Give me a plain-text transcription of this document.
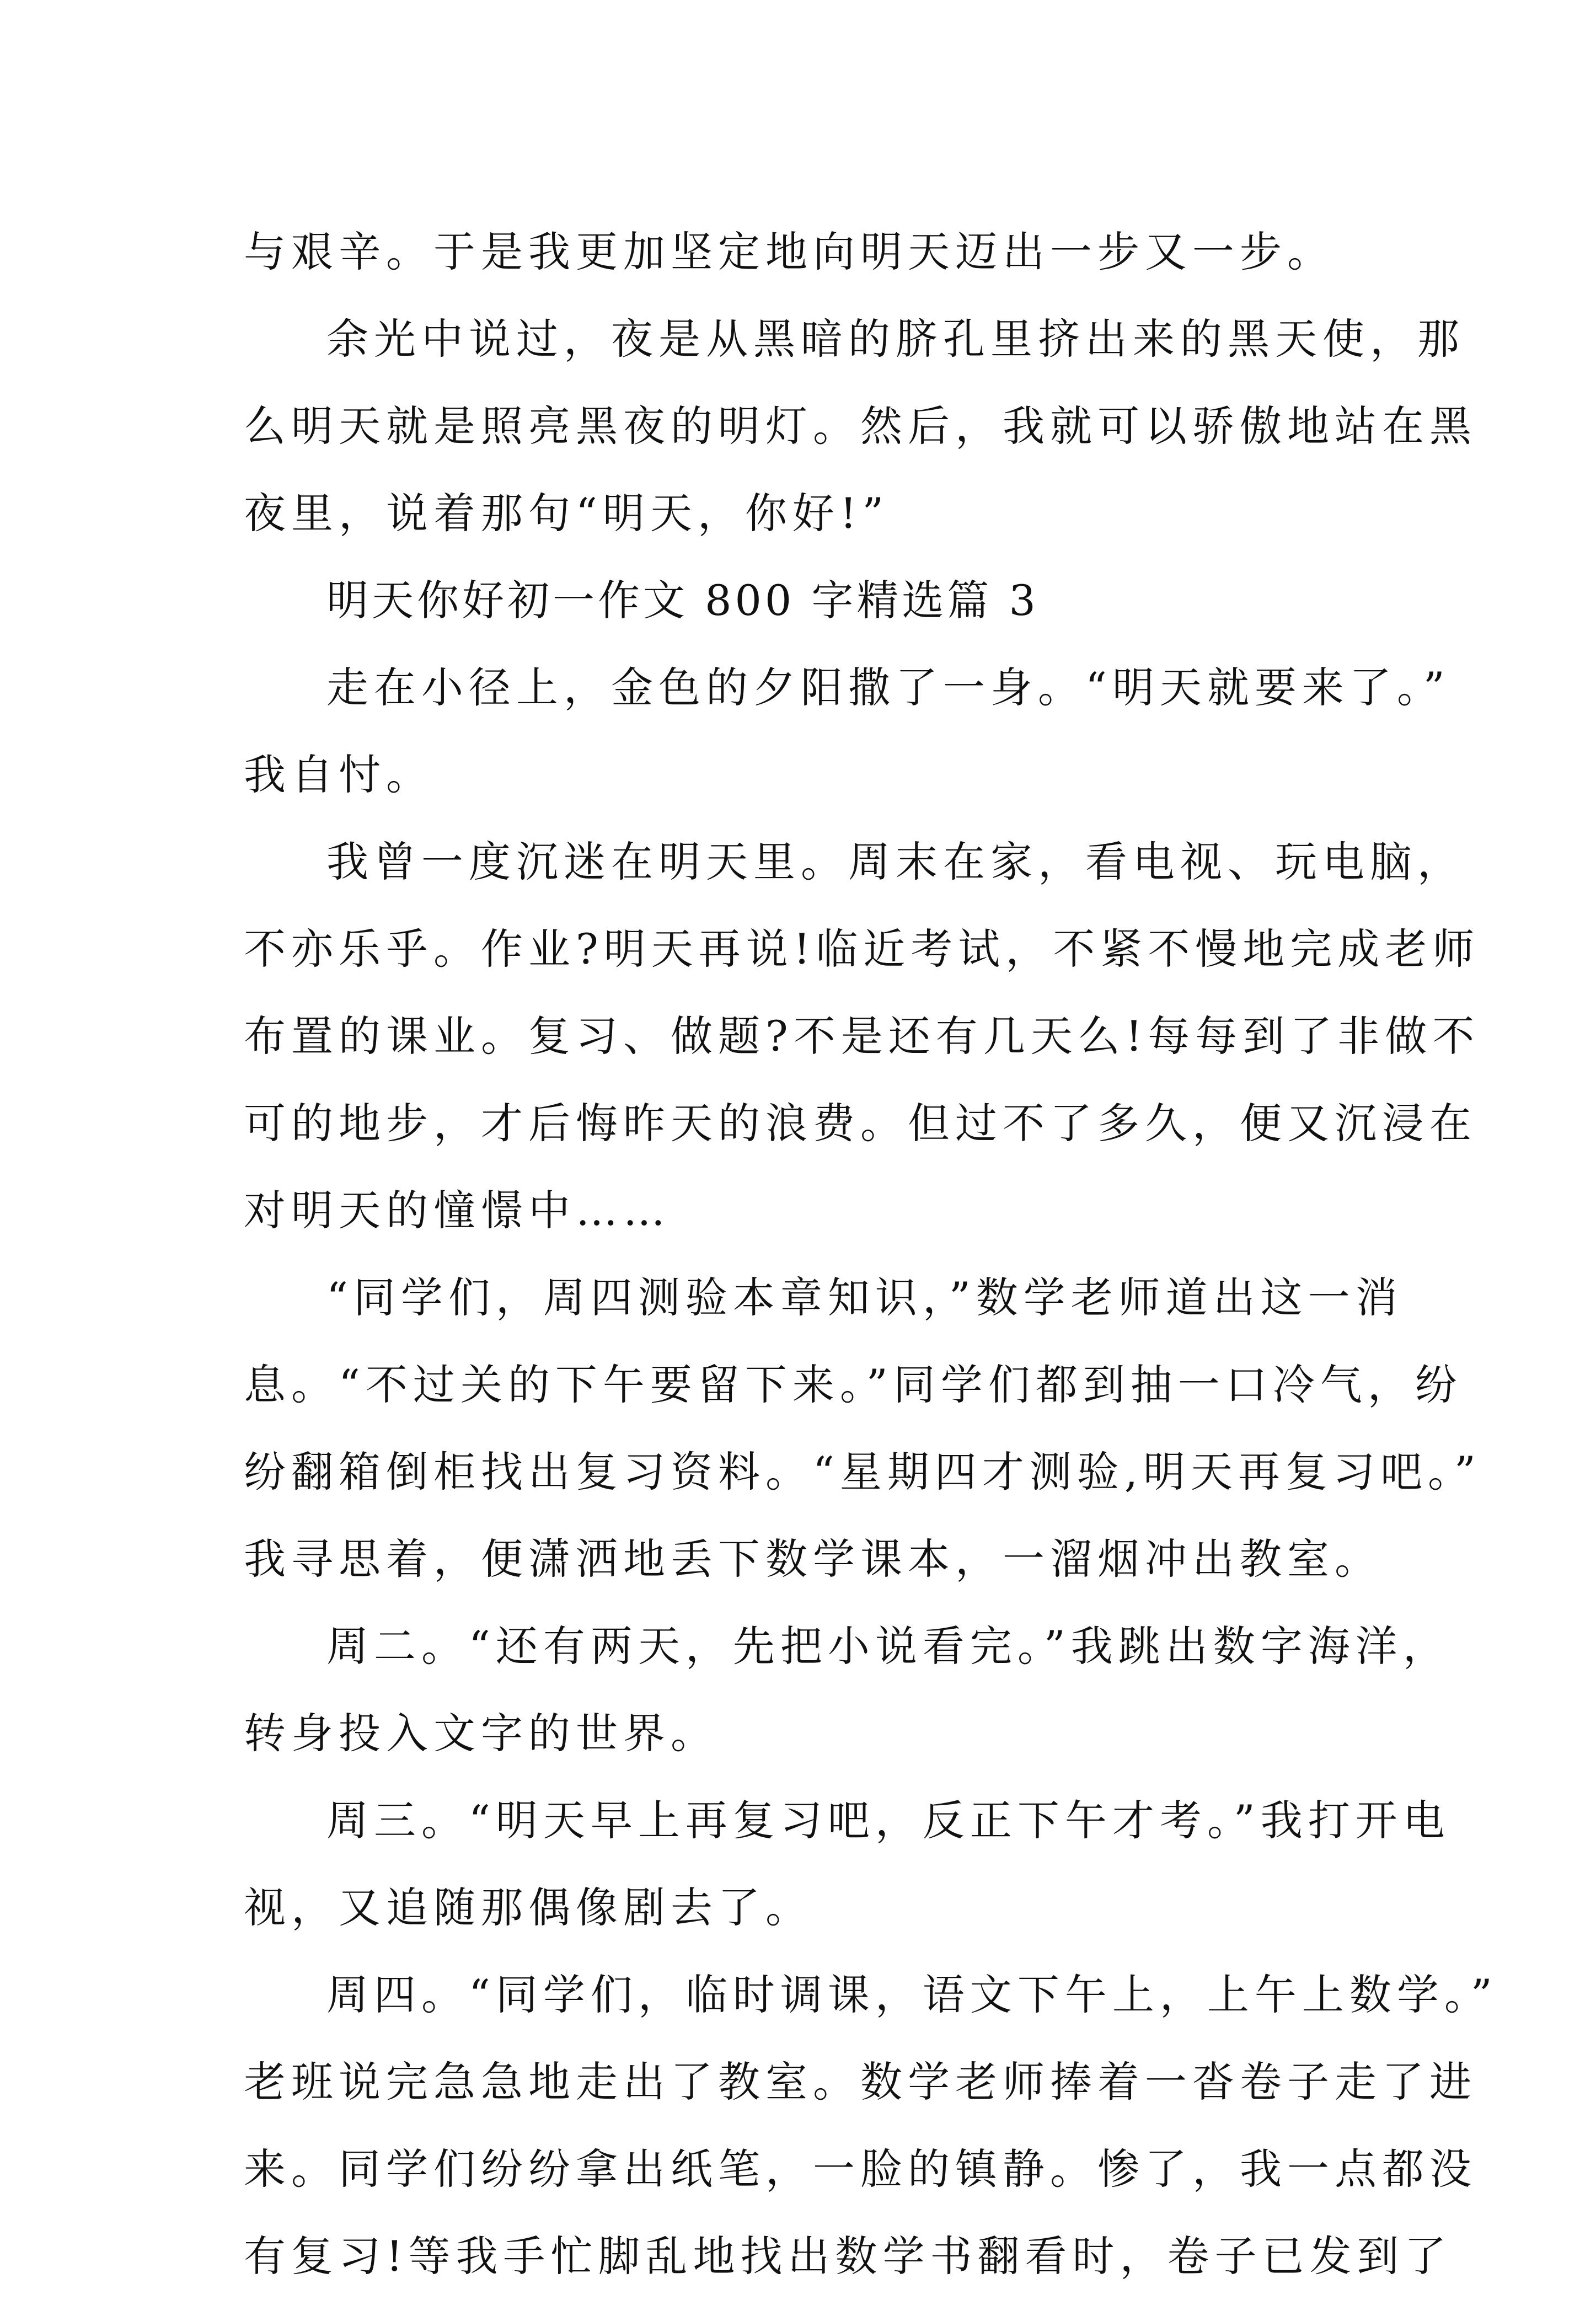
与艰辛。于是我更加坚定地向明天迈出一步又一步。
余光中说过，夜是从黑暗的脐孔里挤出来的黑天使，那
么明天就是照亮黑夜的明灯。然后，我就可以骄傲地站在黑
夜里，说着那句“明天，你好!”
明天你好初一作文 800 字精选篇 3
走在小径上，金色的夕阳撒了一身。“明天就要来了。”
我自忖。
我曾一度沉迷在明天里。周末在家，看电视、玩电脑，
不亦乐乎。作业?明天再说!临近考试，不紧不慢地完成老师
布置的课业。复习、做题?不是还有几天么!每每到了非做不
可的地步，才后悔昨天的浪费。但过不了多久，便又沉浸在
对明天的憧憬中……
“同学们，周四测验本章知识，”数学老师道出这一消
息。“不过关的下午要留下来。”同学们都到抽一口冷气，纷
纷翻箱倒柜找出复习资料。“星期四才测验,明天再复习吧。”
我寻思着，便潇洒地丢下数学课本，一溜烟冲出教室。
周二。“还有两天，先把小说看完。”我跳出数字海洋，
转身投入文字的世界。
周三。“明天早上再复习吧，反正下午才考。”我打开电
视，又追随那偶像剧去了。
周四。“同学们，临时调课，语文下午上，上午上数学。”
老班说完急急地走出了教室。数学老师捧着一沓卷子走了进
来。同学们纷纷拿出纸笔，一脸的镇静。惨了，我一点都没
有复习!等我手忙脚乱地找出数学书翻看时，卷子已发到了
